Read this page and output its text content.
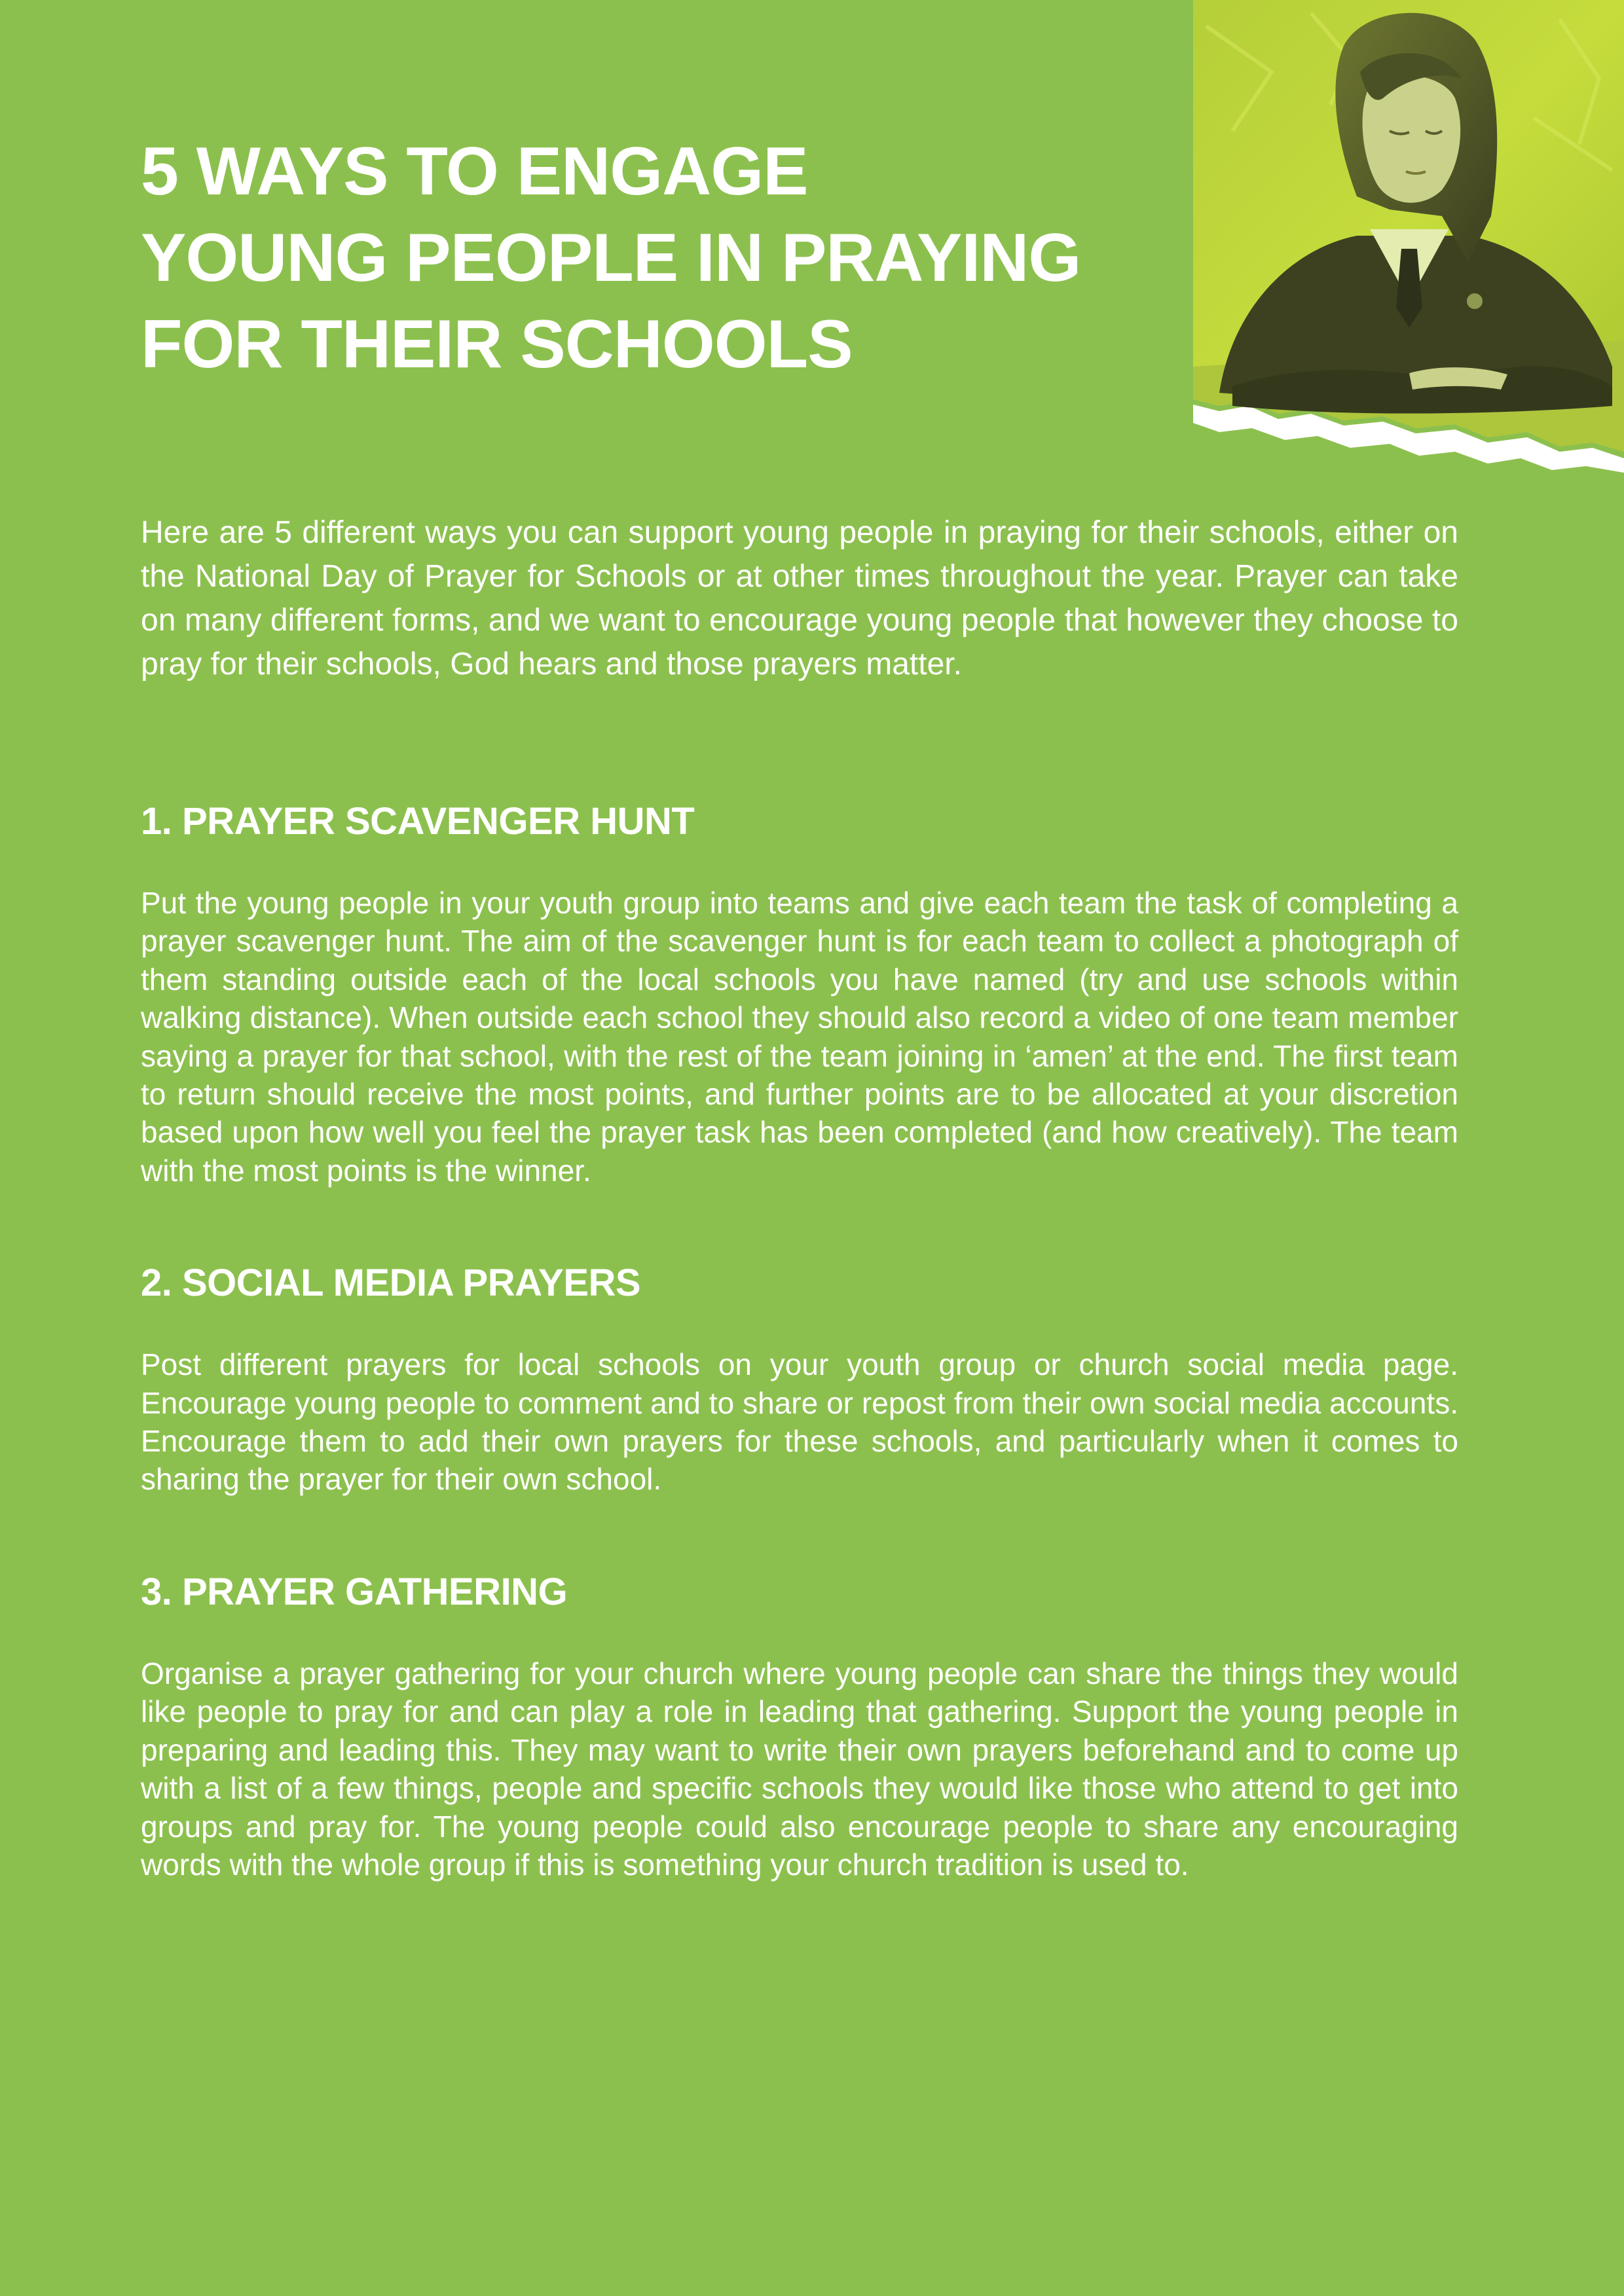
5 WAYS TO ENGAGE
YOUNG PEOPLE IN PRAYING
FOR THEIR SCHOOLS

Here are 5 different ways you can support young people in praying for their schools, either on the National Day of Prayer for Schools or at other times throughout the year. Prayer can take on many different forms, and we want to encourage young people that however they choose to pray for their schools, God hears and those prayers matter.

1. PRAYER SCAVENGER HUNT

Put the young people in your youth group into teams and give each team the task of completing a prayer scavenger hunt. The aim of the scavenger hunt is for each team to collect a photograph of them standing outside each of the local schools you have named (try and use schools within walking distance). When outside each school they should also record a video of one team member saying a prayer for that school, with the rest of the team joining in ‘amen’ at the end. The first team to return should receive the most points, and further points are to be allocated at your discretion based upon how well you feel the prayer task has been completed (and how creatively). The team with the most points is the winner.

2. SOCIAL MEDIA PRAYERS

Post different prayers for local schools on your youth group or church social media page. Encourage young people to comment and to share or repost from their own social media accounts. Encourage them to add their own prayers for these schools, and particularly when it comes to sharing the prayer for their own school.

3. PRAYER GATHERING

Organise a prayer gathering for your church where young people can share the things they would like people to pray for and can play a role in leading that gathering. Support the young people in preparing and leading this. They may want to write their own prayers beforehand and to come up with a list of a few things, people and specific schools they would like those who attend to get into groups and pray for. The young people could also encourage people to share any encouraging words with the whole group if this is something your church tradition is used to.
